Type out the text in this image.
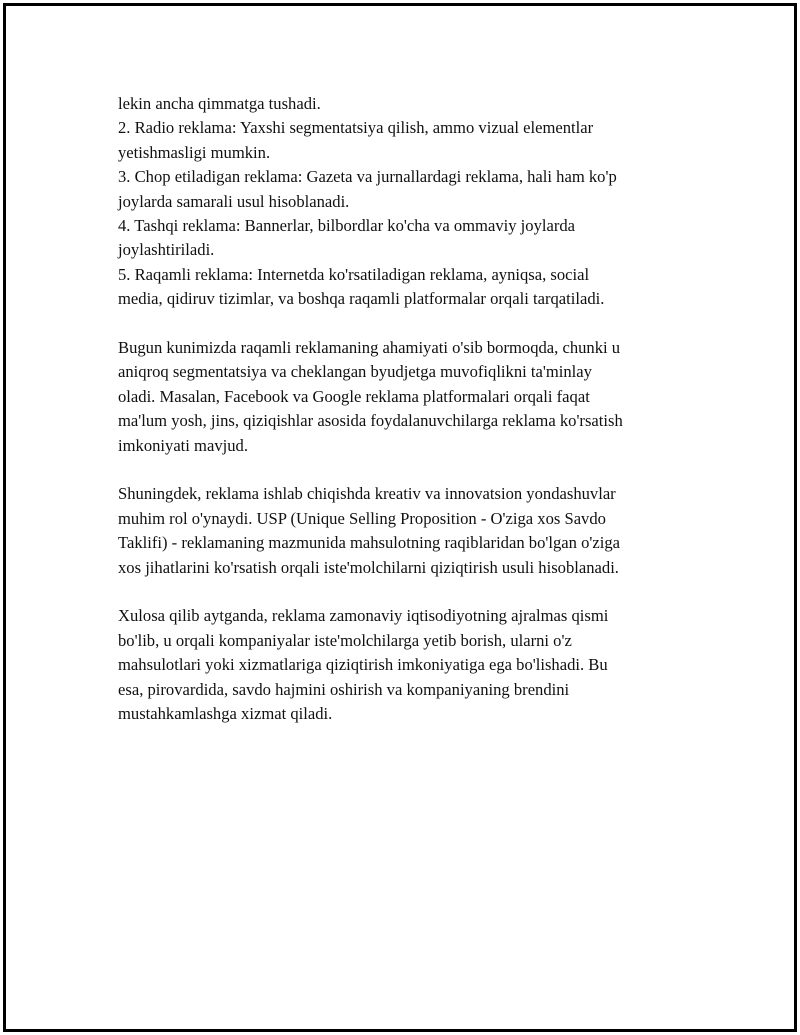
lekin ancha qimmatga tushadi.
2. Radio reklama: Yaxshi segmentatsiya qilish, ammo vizual elementlar
yetishmasligi mumkin.
3. Chop etiladigan reklama: Gazeta va jurnallardagi reklama, hali ham ko'p
joylarda samarali usul hisoblanadi.
4. Tashqi reklama: Bannerlar, bilbordlar ko'cha va ommaviy joylarda
joylashtiriladi.
5. Raqamli reklama: Internetda ko'rsatiladigan reklama, ayniqsa, social
media, qidiruv tizimlar, va boshqa raqamli platformalar orqali tarqatiladi.

Bugun kunimizda raqamli reklamaning ahamiyati o'sib bormoqda, chunki u
aniqroq segmentatsiya va cheklangan byudjetga muvofiqlikni ta'minlay
oladi. Masalan, Facebook va Google reklama platformalari orqali faqat
ma'lum yosh, jins, qiziqishlar asosida foydalanuvchilarga reklama ko'rsatish
imkoniyati mavjud.

Shuningdek, reklama ishlab chiqishda kreativ va innovatsion yondashuvlar
muhim rol o'ynaydi. USP (Unique Selling Proposition - O'ziga xos Savdo
Taklifi) - reklamaning mazmunida mahsulotning raqiblaridan bo'lgan o'ziga
xos jihatlarini ko'rsatish orqali iste'molchilarni qiziqtirish usuli hisoblanadi.

Xulosa qilib aytganda, reklama zamonaviy iqtisodiyotning ajralmas qismi
bo'lib, u orqali kompaniyalar iste'molchilarga yetib borish, ularni o'z
mahsulotlari yoki xizmatlariga qiziqtirish imkoniyatiga ega bo'lishadi. Bu
esa, pirovardida, savdo hajmini oshirish va kompaniyaning brendini
mustahkamlashga xizmat qiladi.
